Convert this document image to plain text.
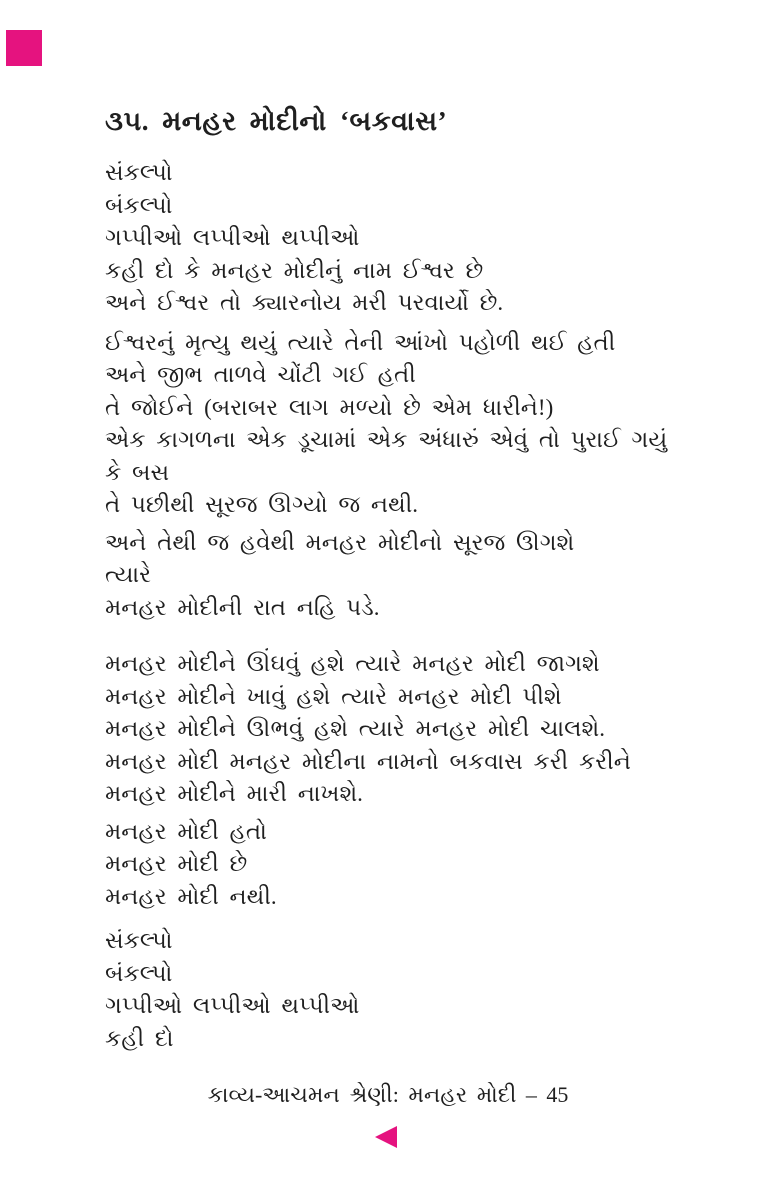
૩૫. મનહર મોદીનો ‘બકવાસ’

સંકલ્પો

બંકલ્પો

ગપ્પીઓ લપ્પીઓ થપ્પીઓ

કહી દો કે મનહર મોદીનું નામ ઈશ્વર છે

અને ઈશ્વર તો ક્યારનોય મરી પરવાર્યો છે.

ઈશ્વરનું મૃત્યુ થયું ત્યારે તેની આંખો પહોળી થઈ હતી

અને જીભ તાળવે ચોંટી ગઈ હતી

તે જોઈને (બરાબર લાગ મળ્યો છે એમ ધારીને!)

એક કાગળના એક ડૂચામાં એક અંધારું એવું તો પુરાઈ ગયું

કે બસ

તે પછીથી સૂરજ ઊગ્યો જ નથી.

અને તેથી જ હવેથી મનહર મોદીનો સૂરજ ઊગશે

ત્યારે

મનહર મોદીની રાત નહિ પડે.

મનહર મોદીને ઊંઘવું હશે ત્યારે મનહર મોદી જાગશે

મનહર મોદીને ખાવું હશે ત્યારે મનહર મોદી પીશે

મનહર મોદીને ઊભવું હશે ત્યારે મનહર મોદી ચાલશે.

મનહર મોદી મનહર મોદીના નામનો બકવાસ કરી કરીને

મનહર મોદીને મારી નાખશે.

મનહર મોદી હતો

મનહર મોદી છે

મનહર મોદી નથી.

સંકલ્પો

બંકલ્પો

ગપ્પીઓ લપ્પીઓ થપ્પીઓ

કહી દો

કાવ્ય-આચમન શ્રેણી: મનહર મોદી – 45
